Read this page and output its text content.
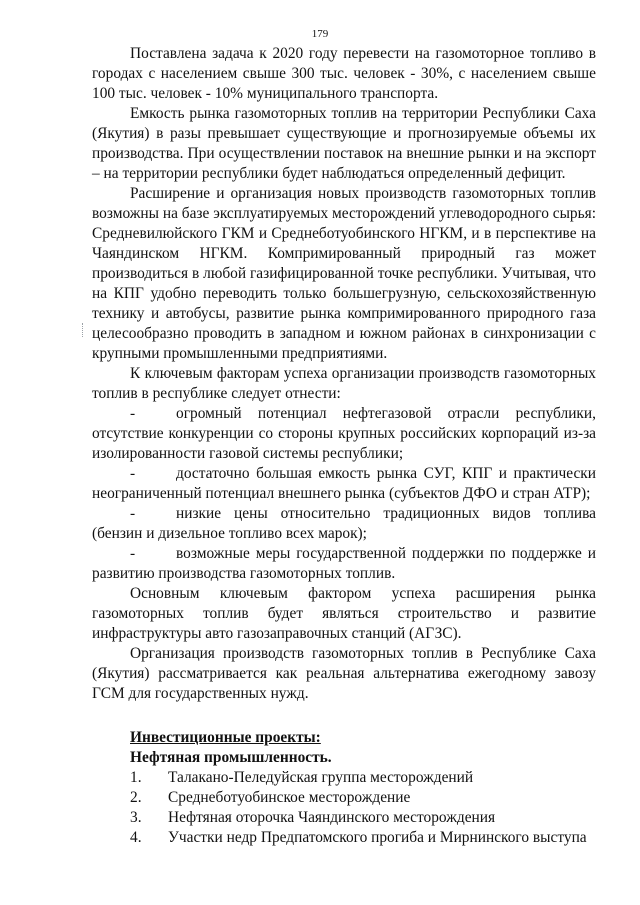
179

Поставлена задача к 2020 году перевести на газомоторное топливо в городах с населением свыше 300 тыс. человек - 30%, с населением свыше 100 тыс. человек - 10% муниципального транспорта.

Емкость рынка газомоторных топлив на территории Республики Саха (Якутия) в разы превышает существующие и прогнозируемые объемы их производства. При осуществлении поставок на внешние рынки и на экспорт – на территории республики будет наблюдаться определенный дефицит.

Расширение и организация новых производств газомоторных топлив возможны на базе эксплуатируемых месторождений углеводородного сырья: Средневилюйского ГКМ и Среднеботуобинского НГКМ, и в перспективе на Чаяндинском НГКМ. Компримированный природный газ может производиться в любой газифицированной точке республики. Учитывая, что на КПГ удобно переводить только большегрузную, сельскохозяйственную технику и автобусы, развитие рынка компримированного природного газа целесообразно проводить в западном и южном районах в синхронизации с крупными промышленными предприятиями.

К ключевым факторам успеха организации производств газомоторных топлив в республике следует отнести:

-	огромный потенциал нефтегазовой отрасли республики, отсутствие конкуренции со стороны крупных российских корпораций из-за изолированности газовой системы республики;

-	достаточно большая емкость рынка СУГ, КПГ и практически неограниченный потенциал внешнего рынка (субъектов ДФО и стран АТР);

-	низкие цены относительно традиционных видов топлива (бензин и дизельное топливо всех марок);

-	возможные меры государственной поддержки по поддержке и развитию производства газомоторных топлив.

Основным ключевым фактором успеха расширения рынка газомоторных топлив будет являться строительство и развитие инфраструктуры авто газозаправочных станций (АГЗС).

Организация производств газомоторных топлив в Республике Саха (Якутия) рассматривается как реальная альтернатива ежегодному завозу ГСМ для государственных нужд.

Инвестиционные проекты:

Нефтяная промышленность.

1.	Талакано-Пеледуйская группа месторождений
2.	Среднеботуобинское месторождение
3.	Нефтяная оторочка Чаяндинского месторождения
4.	Участки недр Предпатомского прогиба и Мирнинского выступа
